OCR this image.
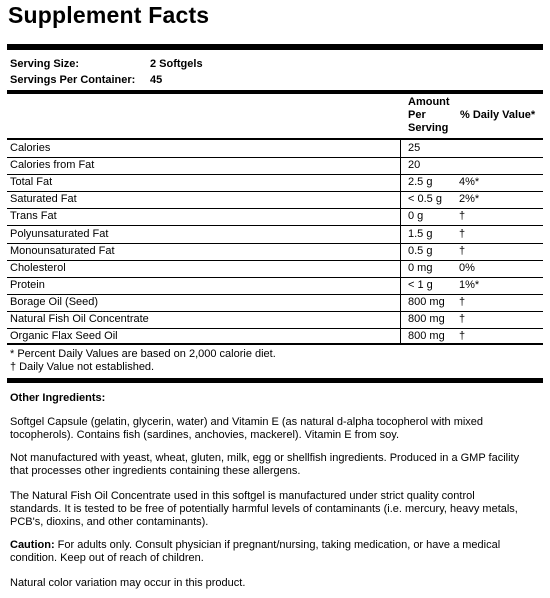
Supplement Facts
Serving Size:	2 Softgels
Servings Per Container: 45
Amount
Per
Serving
% Daily Value*
Calories	25
Calories from Fat	20
Total Fat	2.5 g 4%*
Saturated Fat	< 0.5 g 2%*
Trans Fat	0 g	†
Polyunsaturated Fat	1.5 g †
Monounsaturated Fat	0.5 g †
Cholesterol	0 mg 0%
Protein	< 1 g 1%*
Borage Oil (Seed)	800 mg †
Natural Fish Oil Concentrate	800 mg †
Organic Flax Seed Oil	800 mg †
* Percent Daily Values are based on 2,000 calorie diet.
† Daily Value not established.
Other Ingredients:
Softgel Capsule (gelatin, glycerin, water) and Vitamin E (as natural d-alpha tocopherol with mixed
tocopherols). Contains fish (sardines, anchovies, mackerel). Vitamin E from soy.
Not manufactured with yeast, wheat, gluten, milk, egg or shellfish ingredients. Produced in a GMP facility
that processes other ingredients containing these allergens.
The Natural Fish Oil Concentrate used in this softgel is manufactured under strict quality control
standards. It is tested to be free of potentially harmful levels of contaminants (i.e. mercury, heavy metals,
PCB's, dioxins, and other contaminants).
Caution: For adults only. Consult physician if pregnant/nursing, taking medication, or have a medical
condition. Keep out of reach of children.
Natural color variation may occur in this product.
